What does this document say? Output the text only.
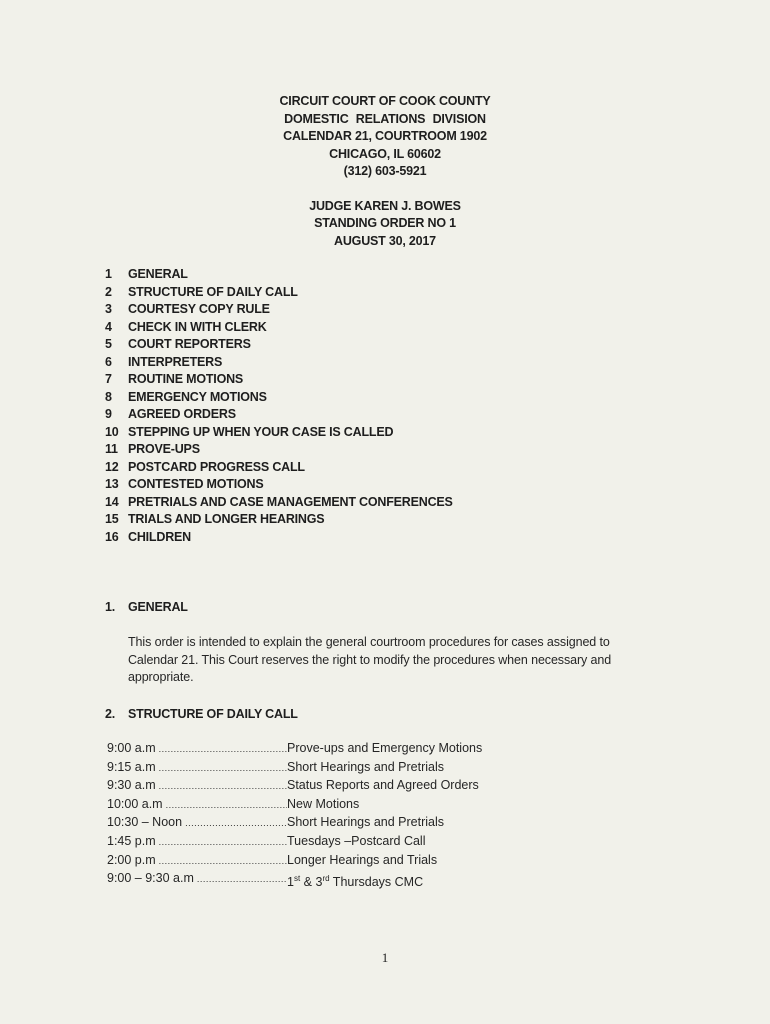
CIRCUIT COURT OF COOK COUNTY
DOMESTIC RELATIONS DIVISION
CALENDAR 21, COURTROOM 1902
CHICAGO, IL 60602
(312) 603-5921
JUDGE KAREN J. BOWES
STANDING ORDER NO 1
AUGUST 30, 2017
1	GENERAL
2	STRUCTURE OF DAILY CALL
3	COURTESY COPY RULE
4	CHECK IN WITH CLERK
5	COURT REPORTERS
6	INTERPRETERS
7	ROUTINE MOTIONS
8	EMERGENCY MOTIONS
9	AGREED ORDERS
10 STEPPING UP WHEN YOUR CASE IS CALLED
11 PROVE-UPS
12 POSTCARD PROGRESS CALL
13 CONTESTED MOTIONS
14 PRETRIALS AND CASE MANAGEMENT CONFERENCES
15 TRIALS AND LONGER HEARINGS
16 CHILDREN
1. GENERAL
This order is intended to explain the general courtroom procedures for cases assigned to Calendar 21. This Court reserves the right to modify the procedures when necessary and appropriate.
2. STRUCTURE OF DAILY CALL
9:00 a.m .....	Prove-ups and Emergency Motions
9:15 a.m .....	Short Hearings and Pretrials
9:30 a.m .....	Status Reports and Agreed Orders
10:00 a.m .....	New Motions
10:30 – Noon .....	Short Hearings and Pretrials
1:45 p.m .....	Tuesdays –Postcard Call
2:00 p.m .....	Longer Hearings and Trials
9:00 – 9:30 a.m .....	1st & 3rd Thursdays CMC
1
